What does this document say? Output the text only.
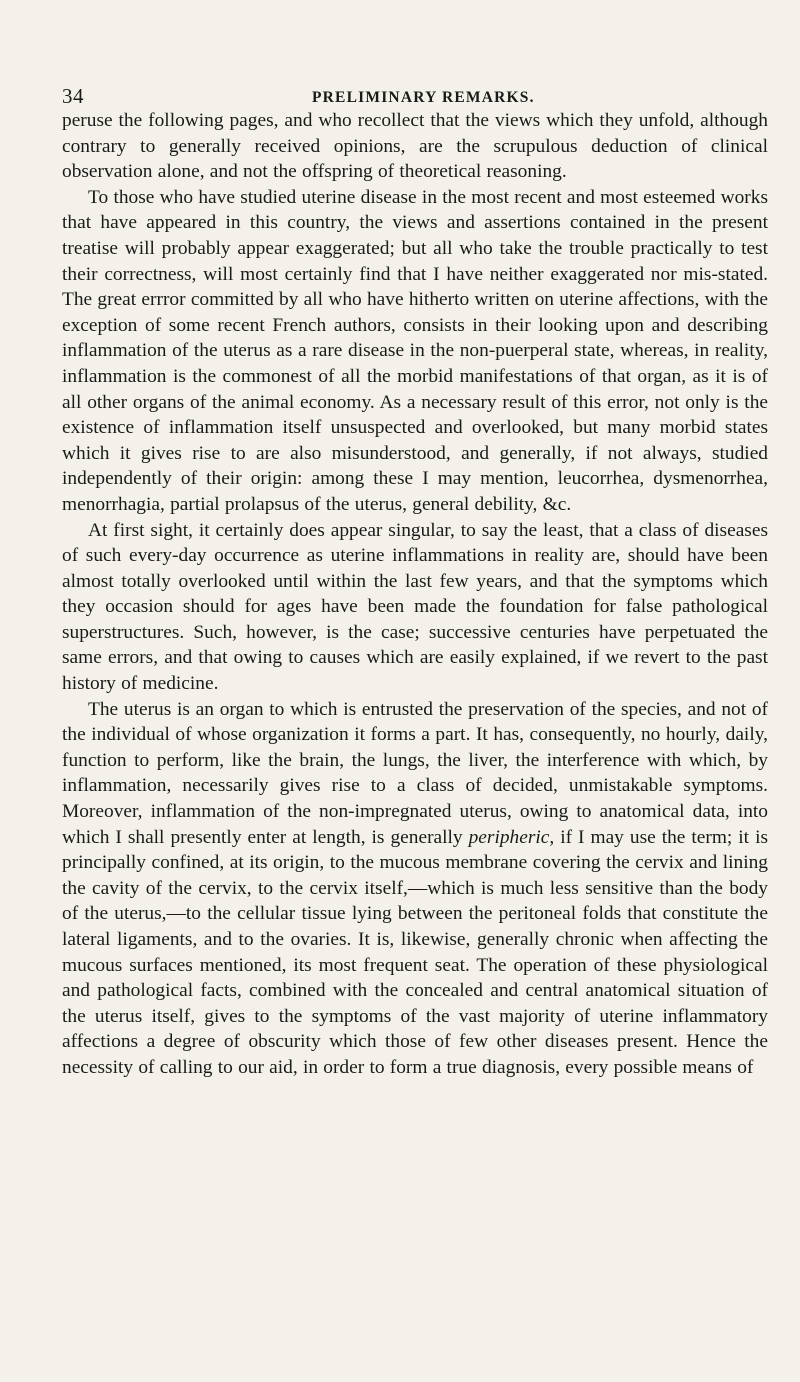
34	PRELIMINARY REMARKS.

peruse the following pages, and who recollect that the views which they unfold, although contrary to generally received opinions, are the scrupulous deduction of clinical observation alone, and not the offspring of theoretical reasoning.

To those who have studied uterine disease in the most recent and most esteemed works that have appeared in this country, the views and assertions contained in the present treatise will probably appear exaggerated; but all who take the trouble practically to test their correctness, will most certainly find that I have neither exaggerated nor mis-stated. The great errror committed by all who have hitherto written on uterine affections, with the exception of some recent French authors, consists in their looking upon and describing inflammation of the uterus as a rare disease in the non-puerperal state, whereas, in reality, inflammation is the commonest of all the morbid manifestations of that organ, as it is of all other organs of the animal economy. As a necessary result of this error, not only is the existence of inflammation itself unsuspected and overlooked, but many morbid states which it gives rise to are also misunderstood, and generally, if not always, studied independently of their origin: among these I may mention, leucorrhea, dysmenorrhea, menorrhagia, partial prolapsus of the uterus, general debility, &c.

At first sight, it certainly does appear singular, to say the least, that a class of diseases of such every-day occurrence as uterine inflammations in reality are, should have been almost totally overlooked until within the last few years, and that the symptoms which they occasion should for ages have been made the foundation for false pathological superstructures. Such, however, is the case; successive centuries have perpetuated the same errors, and that owing to causes which are easily explained, if we revert to the past history of medicine.

The uterus is an organ to which is entrusted the preservation of the species, and not of the individual of whose organization it forms a part. It has, consequently, no hourly, daily, function to perform, like the brain, the lungs, the liver, the interference with which, by inflammation, necessarily gives rise to a class of decided, unmistakable symptoms. Moreover, inflammation of the non-impregnated uterus, owing to anatomical data, into which I shall presently enter at length, is generally peripheric, if I may use the term; it is principally confined, at its origin, to the mucous membrane covering the cervix and lining the cavity of the cervix, to the cervix itself,—which is much less sensitive than the body of the uterus,—to the cellular tissue lying between the peritoneal folds that constitute the lateral ligaments, and to the ovaries. It is, likewise, generally chronic when affecting the mucous surfaces mentioned, its most frequent seat. The operation of these physiological and pathological facts, combined with the concealed and central anatomical situation of the uterus itself, gives to the symptoms of the vast majority of uterine inflammatory affections a degree of obscurity which those of few other diseases present. Hence the necessity of calling to our aid, in order to form a true diagnosis, every possible means of
